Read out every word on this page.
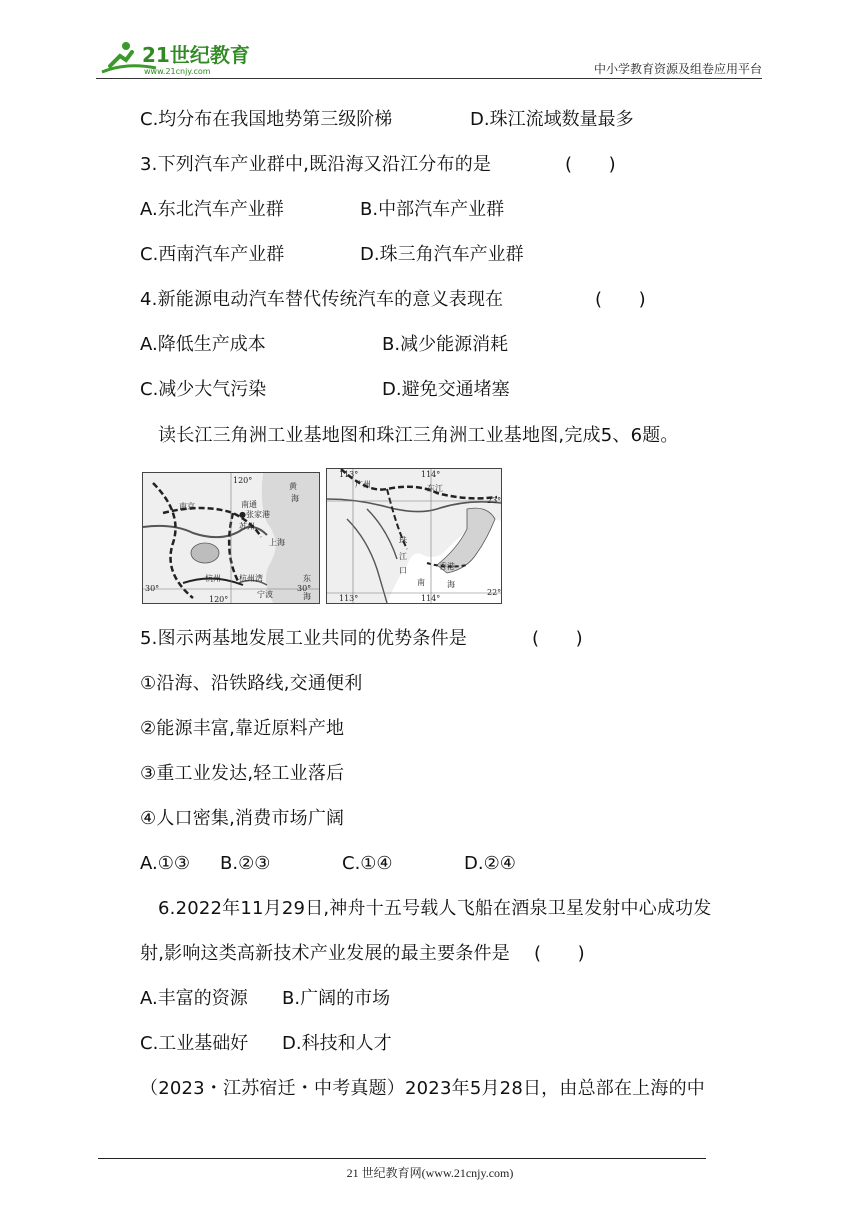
21世纪教育
www.21cnjy.com	中小学教育资源及组卷应用平台
C.均分布在我国地势第三级阶梯	D.珠江流域数量最多
3.下列汽车产业群中,既沿海又沿江分布的是	(　　)
A.东北汽车产业群	B.中部汽车产业群
C.西南汽车产业群	D.珠三角汽车产业群
4.新能源电动汽车替代传统汽车的意义表现在	(　　)
A.降低生产成本	B.减少能源消耗
C.减少大气污染	D.避免交通堵塞
读长江三角洲工业基地图和珠江三角洲工业基地图,完成5、6题。
120°
南京	南通
●张家港
苏州
黄
海
上海
东
海
杭州 杭州湾
宁波
120°
30°	30°
113°	114°
广州	东江
23°
珠
江
口	香港
南	海
113°	114°
22°
5.图示两基地发展工业共同的优势条件是	(　　)
①沿海、沿铁路线,交通便利
②能源丰富,靠近原料产地
③重工业发达,轻工业落后
④人口密集,消费市场广阔
A.①③ B.②③	C.①④	D.②④
6.2022年11月29日,神舟十五号载人飞船在酒泉卫星发射中心成功发
射,影响这类高新技术产业发展的最主要条件是 (　　)
A.丰富的资源 B.广阔的市场
C.工业基础好 D.科技和人才
（2023・江苏宿迁・中考真题）2023年5月28日，由总部在上海的中
21 世纪教育网(www.21cnjy.com)
